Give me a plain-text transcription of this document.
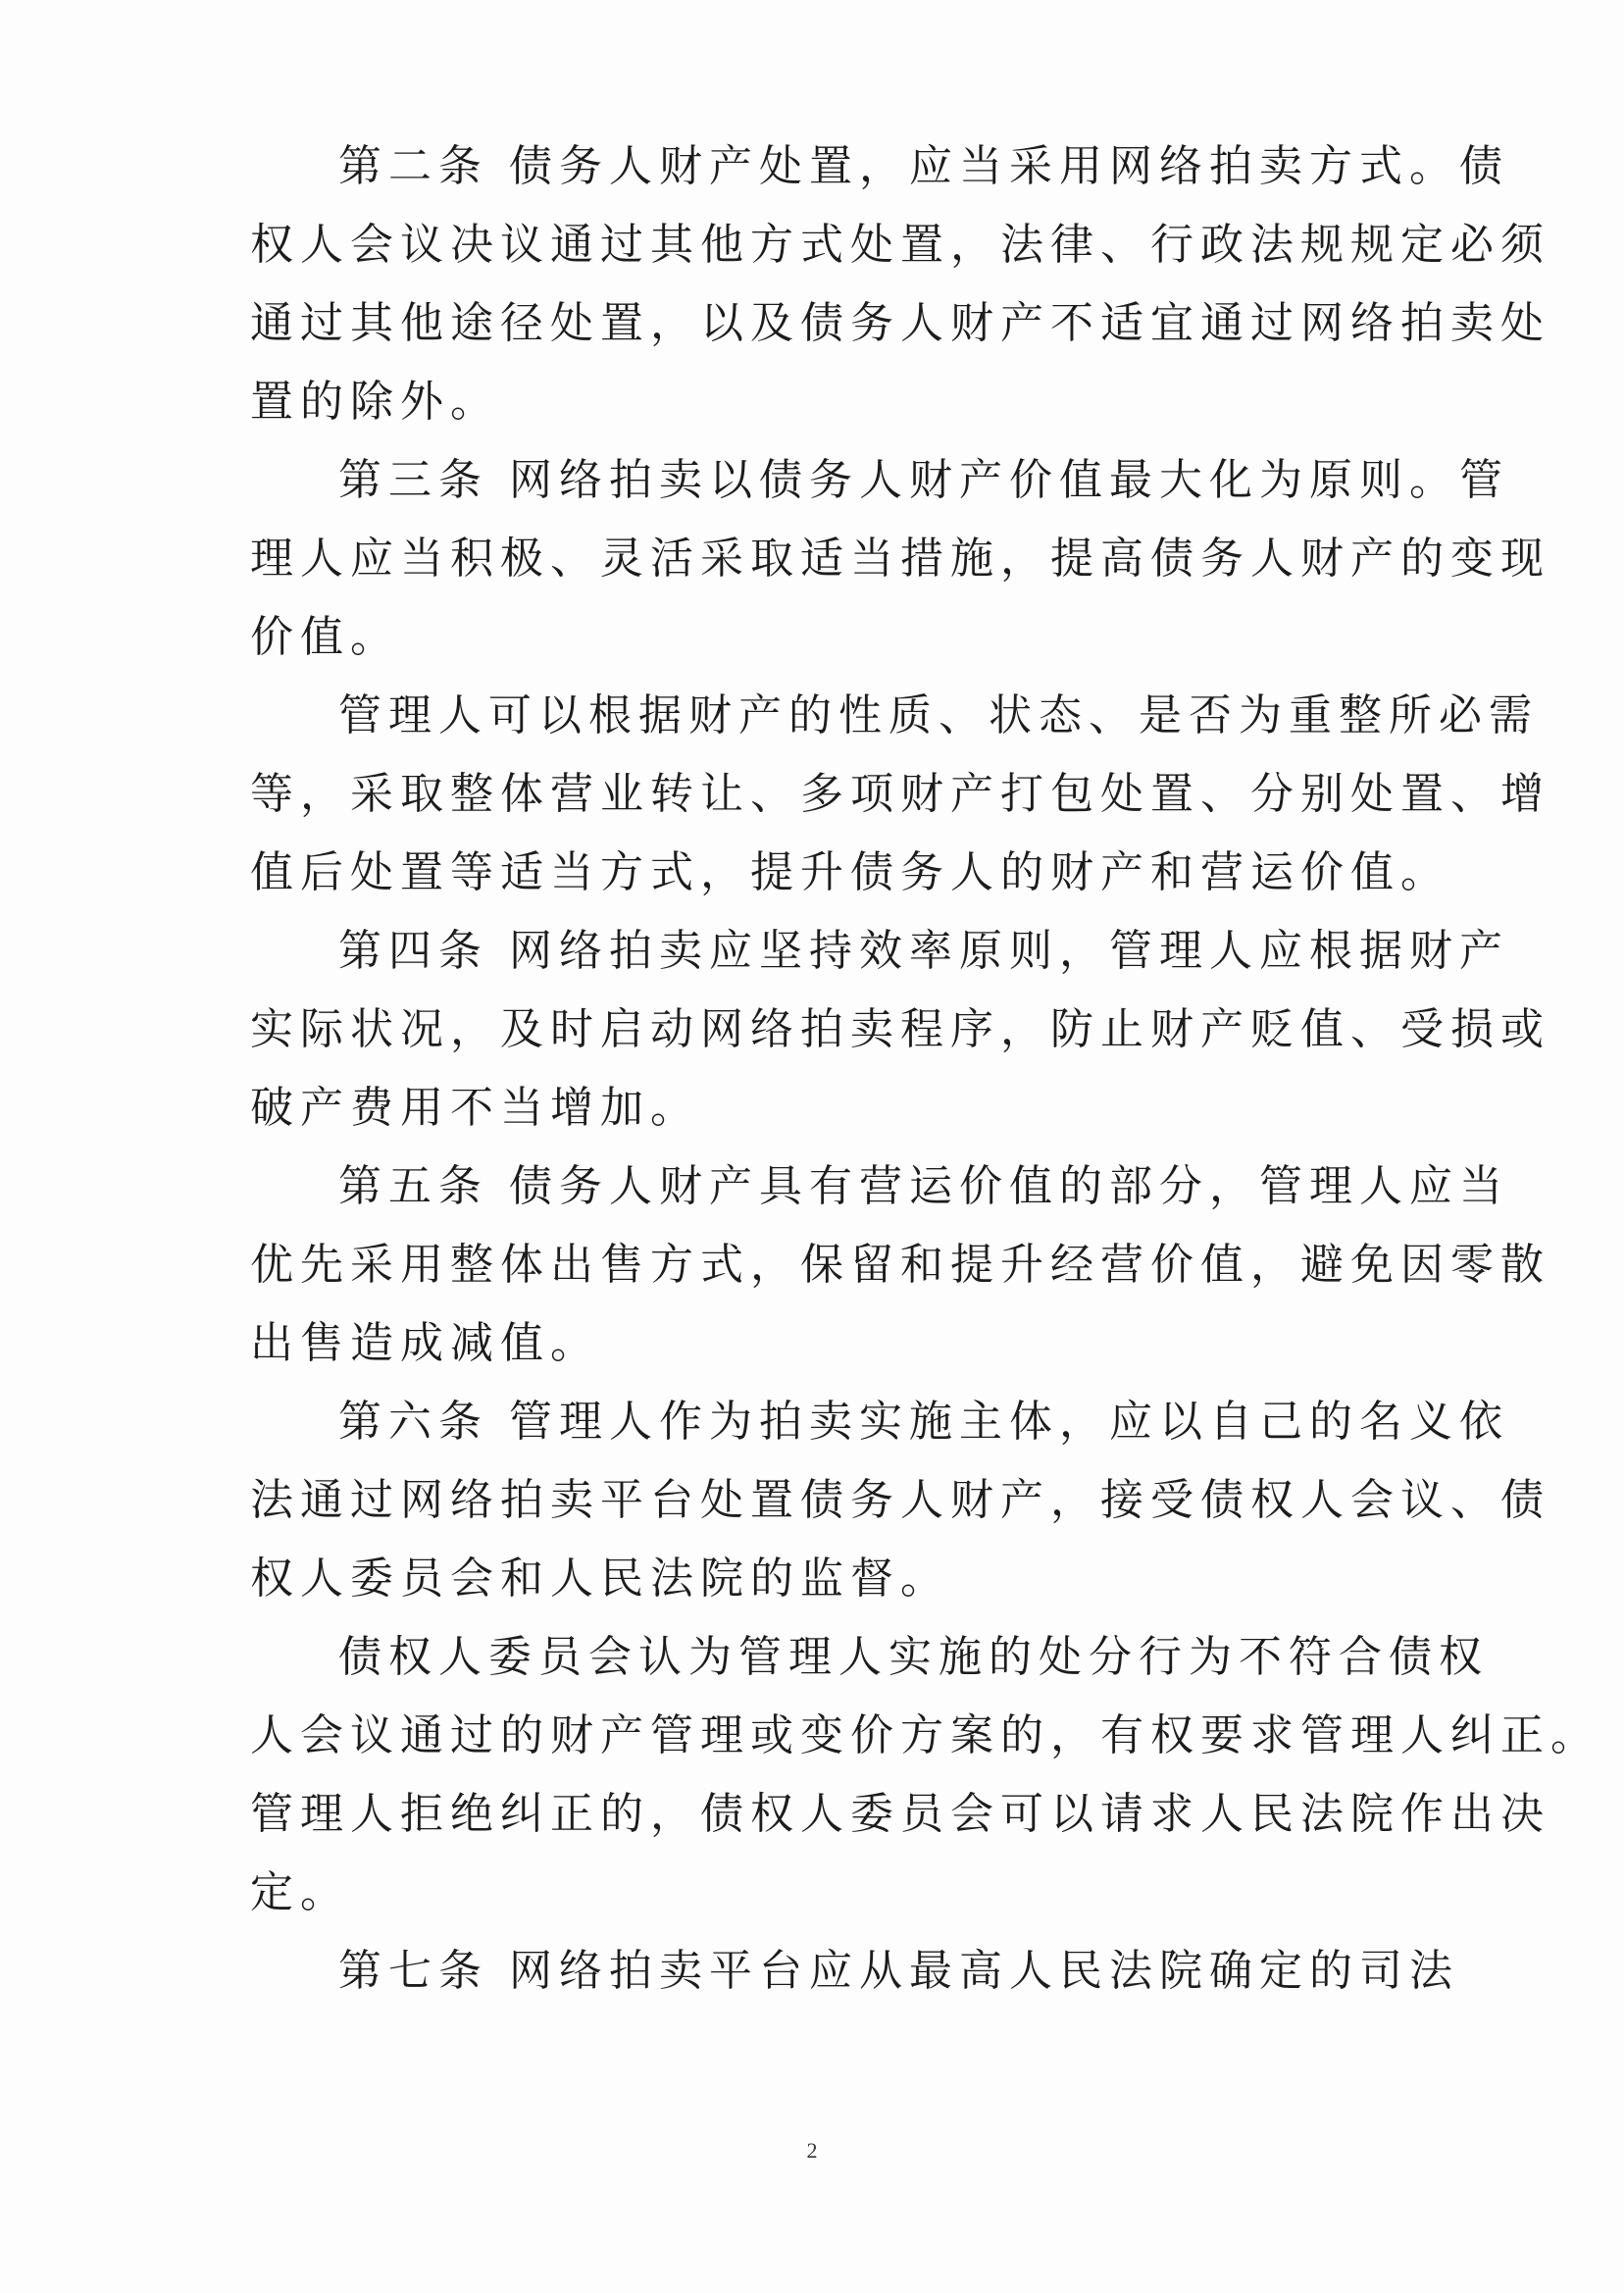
第二条 债务人财产处置，应当采用网络拍卖方式。债
权人会议决议通过其他方式处置，法律、行政法规规定必须
通过其他途径处置，以及债务人财产不适宜通过网络拍卖处
置的除外。
第三条 网络拍卖以债务人财产价值最大化为原则。管
理人应当积极、灵活采取适当措施，提高债务人财产的变现
价值。
管理人可以根据财产的性质、状态、是否为重整所必需
等，采取整体营业转让、多项财产打包处置、分别处置、增
值后处置等适当方式，提升债务人的财产和营运价值。
第四条 网络拍卖应坚持效率原则，管理人应根据财产
实际状况，及时启动网络拍卖程序，防止财产贬值、受损或
破产费用不当增加。
第五条 债务人财产具有营运价值的部分，管理人应当
优先采用整体出售方式，保留和提升经营价值，避免因零散
出售造成减值。
第六条 管理人作为拍卖实施主体，应以自己的名义依
法通过网络拍卖平台处置债务人财产，接受债权人会议、债
权人委员会和人民法院的监督。
债权人委员会认为管理人实施的处分行为不符合债权
人会议通过的财产管理或变价方案的，有权要求管理人纠正。
管理人拒绝纠正的，债权人委员会可以请求人民法院作出决
定。
第七条 网络拍卖平台应从最高人民法院确定的司法
2
